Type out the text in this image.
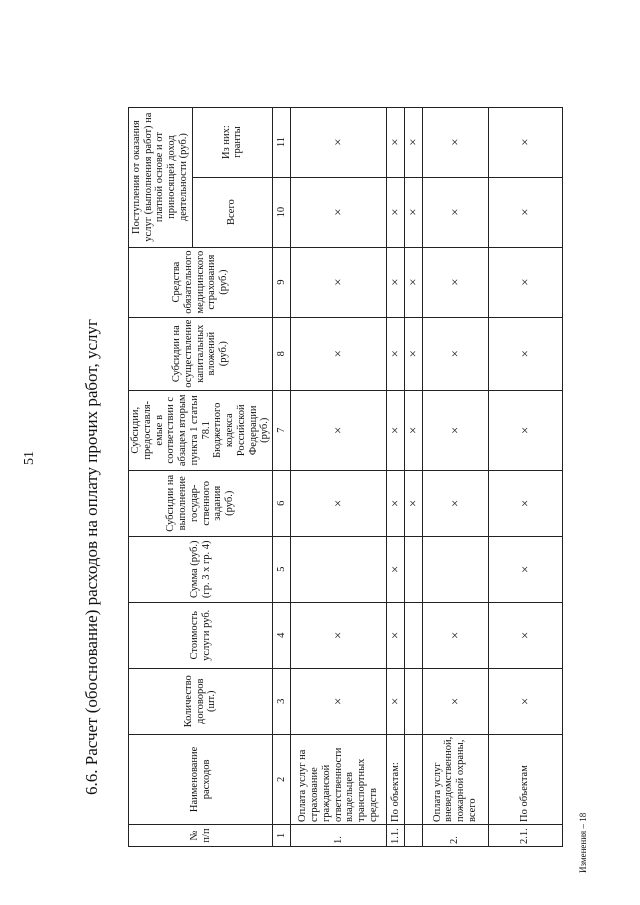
51	6.6. Расчет (обоснование) расходов на оплату прочих работ, услуг
№ п/п	Наименование расходов	Количество договоров (шт.)	Стоимость услуги руб.	Сумма (руб.) (гр. 3 х гр. 4)	Субсидии на выполнение государ-ственного задания (руб.)	Субсидии, предоставля-емые в соответствии с абзацем вторым пункта 1 статьи 78.1 Бюджетного кодекса Российской Федерации (руб.)	Субсидии на осуществление капитальных вложений (руб.)	Средства обязательного медицинского страхования (руб.)	Поступления от оказания услуг (выполнения работ) на платной основе и от приносящей доход деятельности (руб.)	
									Всего	Из них: гранты
1	2	3	4	5	6	7	8	9	10	11
1.	Оплата услуг на страхование гражданской ответственности владельцев транспортных средств	×	×		×	×	×	×	×	×
1.1.	По объектам:	×	×	×	×	×	×	×	×	×
					×	×	×	×	×	×
2.	Оплата услуг вневедомственной, пожарной охраны, всего	×	×		×	×	×	×	×	×
2.1.	По объектам	×	×	×	×	×	×	×	×	×
Изменения – 18
